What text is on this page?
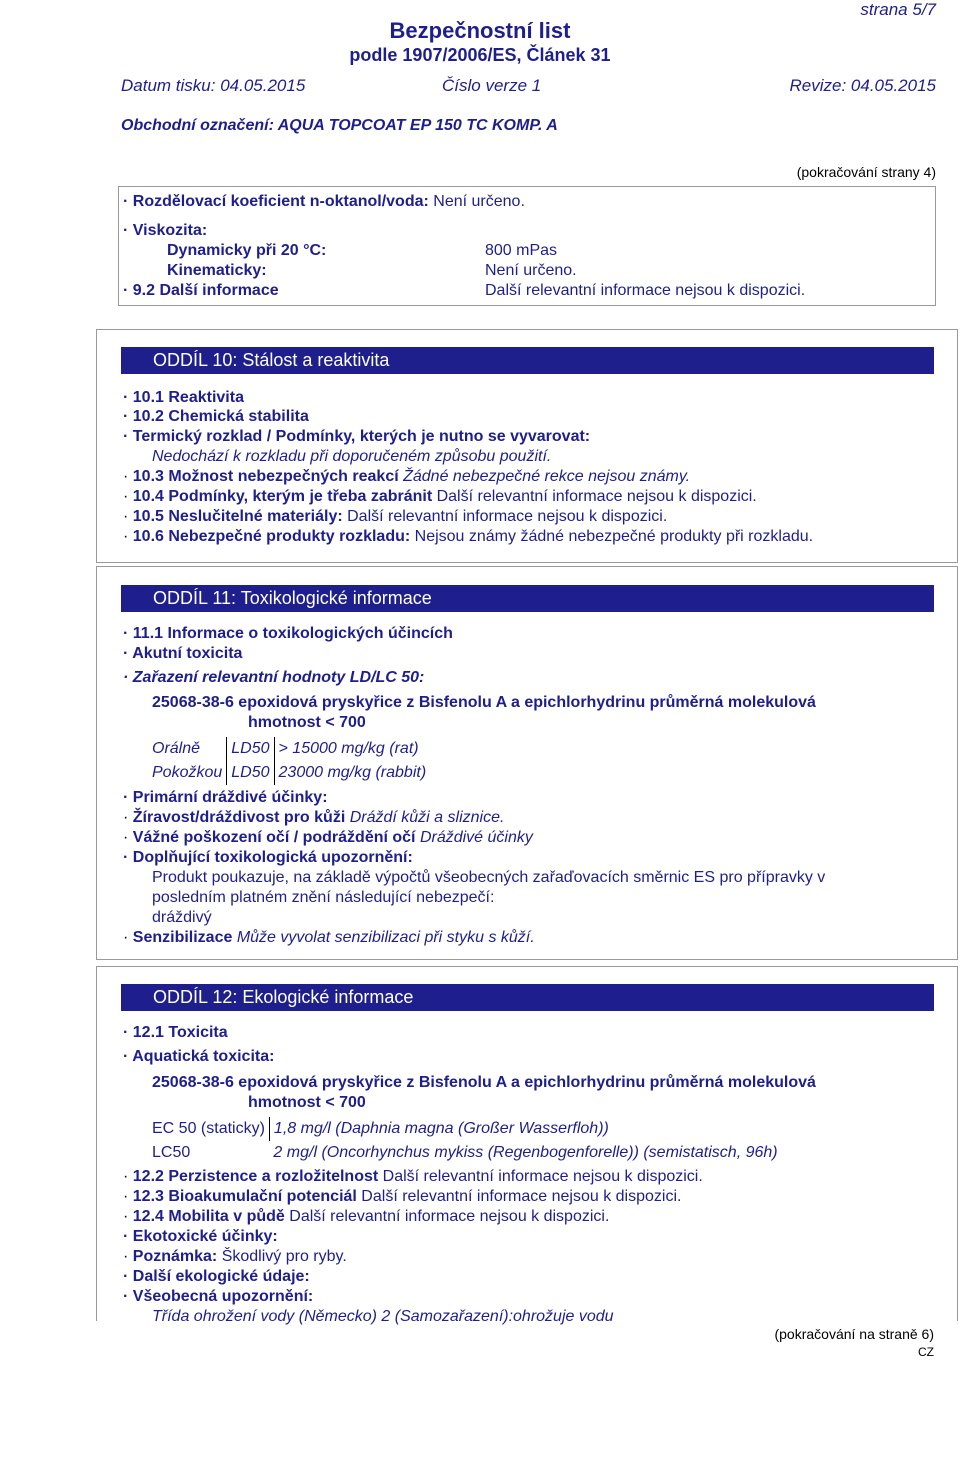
strana 5/7
Bezpečnostní list
podle 1907/2006/ES, Článek 31
Datum tisku: 04.05.2015	Číslo verze 1	Revize: 04.05.2015
Obchodní označení: AQUA TOPCOAT EP 150 TC KOMP. A
(pokračování strany 4)
· Rozdělovací koeficient n-oktanol/voda: Není určeno.
· Viskozita:
Dynamicky při 20 °C:	800 mPas
Kinematicky:	Není určeno.
· 9.2 Další informace	Další relevantní informace nejsou k dispozici.
ODDÍL 10: Stálost a reaktivita
· 10.1 Reaktivita
· 10.2 Chemická stabilita
· Termický rozklad / Podmínky, kterých je nutno se vyvarovat:
Nedochází k rozkladu při doporučeném způsobu použití.
· 10.3 Možnost nebezpečných reakcí Žádné nebezpečné rekce nejsou známy.
· 10.4 Podmínky, kterým je třeba zabránit Další relevantní informace nejsou k dispozici.
· 10.5 Neslučitelné materiály: Další relevantní informace nejsou k dispozici.
· 10.6 Nebezpečné produkty rozkladu: Nejsou známy žádné nebezpečné produkty při rozkladu.
ODDÍL 11: Toxikologické informace
· 11.1 Informace o toxikologických účincích
· Akutní toxicita
· Zařazení relevantní hodnoty LD/LC 50:
25068-38-6 epoxidová pryskyřice z Bisfenolu A a epichlorhydrinu průměrná molekulová
hmotnost < 700
Orálně	LD50	> 15000 mg/kg (rat)
Pokožkou	LD50	23000 mg/kg (rabbit)
· Primární dráždivé účinky:
· Žíravost/dráždivost pro kůži Dráždí kůži a sliznice.
· Vážné poškození očí / podráždění očí Dráždivé účinky
· Doplňující toxikologická upozornění:
Produkt poukazuje, na základě výpočtů všeobecných zařaďovacích směrnic ES pro přípravky v
posledním platném znění následující nebezpečí:
dráždivý
· Senzibilizace Může vyvolat senzibilizaci při styku s kůží.
ODDÍL 12: Ekologické informace
· 12.1 Toxicita
· Aquatická toxicita:
25068-38-6 epoxidová pryskyřice z Bisfenolu A a epichlorhydrinu průměrná molekulová
hmotnost < 700
EC 50 (staticky)	1,8 mg/l (Daphnia magna (Großer Wasserfloh))
LC50	2 mg/l (Oncorhynchus mykiss (Regenbogenforelle)) (semistatisch, 96h)
· 12.2 Perzistence a rozložitelnost Další relevantní informace nejsou k dispozici.
· 12.3 Bioakumulační potenciál Další relevantní informace nejsou k dispozici.
· 12.4 Mobilita v půdě Další relevantní informace nejsou k dispozici.
· Ekotoxické účinky:
· Poznámka: Škodlivý pro ryby.
· Další ekologické údaje:
· Všeobecná upozornění:
Třída ohrožení vody (Německo) 2 (Samozařazení):ohrožuje vodu
(pokračování na straně 6)
CZ
